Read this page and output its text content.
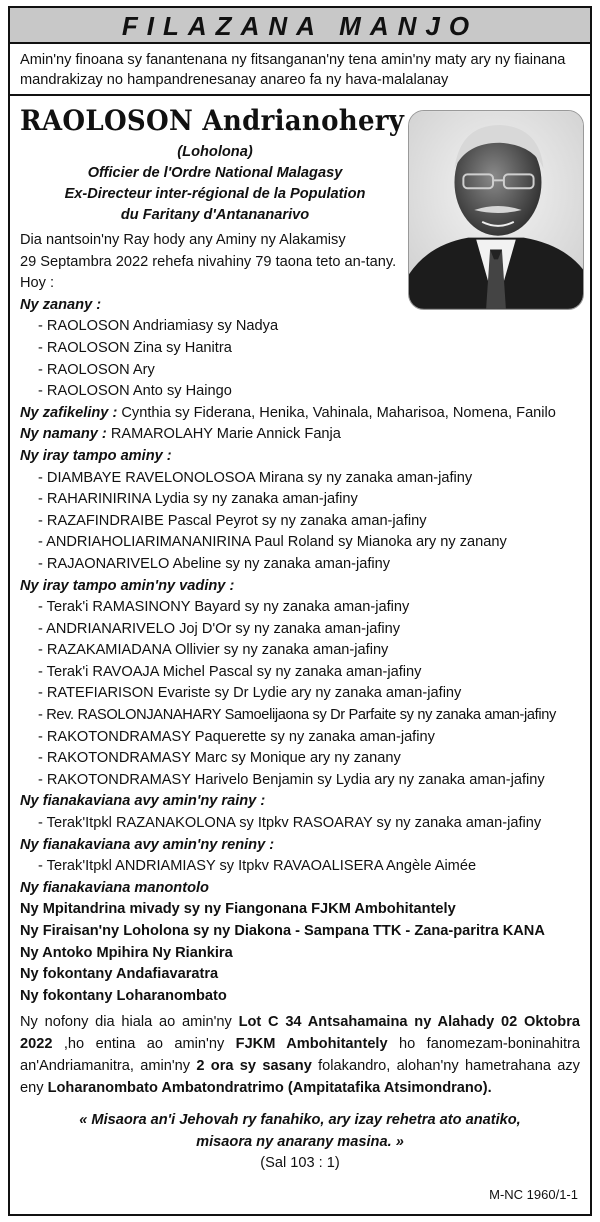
FILAZANA MANJO
Amin'ny finoana sy fanantenana ny fitsanganan'ny tena amin'ny maty ary ny fiainana mandrakizay no hampandrenesanay anareo fa ny hava-malalanay
RAOLOSON Andrianohery
(Loholona)
Officier de l'Ordre National Malagasy
Ex-Directeur inter-régional de la Population
du Faritany d'Antananarivo
Dia nantsoin'ny Ray hody any Aminy ny Alakamisy
29 Septambra 2022 rehefa nivahiny 79 taona teto an-tany.
Hoy :
Ny zanany :
- RAOLOSON Andriamiasy sy Nadya
- RAOLOSON Zina sy Hanitra
- RAOLOSON Ary
- RAOLOSON Anto sy Haingo
Ny zafikeliny : Cynthia sy Fiderana, Henika, Vahinala, Maharisoa, Nomena, Fanilo
Ny namany : RAMAROLAHY Marie Annick Fanja
Ny iray tampo aminy :
- DIAMBAYE RAVELONOLOSOA Mirana sy ny zanaka aman-jafiny
- RAHARINIRINA Lydia sy ny zanaka aman-jafiny
- RAZAFINDRAIBE Pascal Peyrot sy ny zanaka aman-jafiny
- ANDRIAHOLIARIMANANIRINA Paul Roland sy Mianoka ary ny zanany
- RAJAONARIVELO Abeline sy ny zanaka aman-jafiny
Ny iray tampo amin'ny vadiny :
- Terak'i RAMASINONY Bayard sy ny zanaka aman-jafiny
- ANDRIANARIVELO Joj D'Or sy ny zanaka aman-jafiny
- RAZAKAMIADANA Ollivier sy ny zanaka aman-jafiny
- Terak'i RAVOAJA Michel Pascal sy ny zanaka aman-jafiny
- RATEFIARISON Evariste sy Dr Lydie ary ny zanaka aman-jafiny
- Rev. RASOLONJANAHARY Samoelijaona sy Dr Parfaite sy ny zanaka aman-jafiny
- RAKOTONDRAMASY Paquerette sy ny zanaka aman-jafiny
- RAKOTONDRAMASY Marc sy Monique ary ny zanany
- RAKOTONDRAMASY Harivelo Benjamin sy Lydia ary ny zanaka aman-jafiny
Ny fianakaviana avy amin'ny rainy :
- Terak'Itpkl RAZANAKOLONA sy Itpkv RASOARAY sy ny zanaka aman-jafiny
Ny fianakaviana avy amin'ny reniny :
- Terak'Itpkl ANDRIAMIASY sy Itpkv RAVAOALISERA Angèle Aimée
Ny fianakaviana manontolo
Ny Mpitandrina mivady sy ny Fiangonana FJKM Ambohitantely
Ny Firaisan'ny Loholona sy ny Diakona - Sampana TTK - Zana-paritra KANA
Ny Antoko Mpihira Ny Riankira
Ny fokontany Andafiavaratra
Ny fokontany Loharanombato
Ny nofony dia hiala ao amin'ny Lot C 34 Antsahamaina ny Alahady 02 Oktobra 2022 ,ho entina ao amin'ny FJKM Ambohitantely ho fanomezam-boninahitra an'Andriamanitra, amin'ny 2 ora sy sasany folakandro, alohan'ny hametrahana azy eny Loharanombato Ambatondratrimo (Ampitatafika Atsimondrano).
« Misaora an'i Jehovah ry fanahiko, ary izay rehetra ato anatiko,
misaora ny anarany masina. »
(Sal 103 : 1)
M-NC 1960/1-1
